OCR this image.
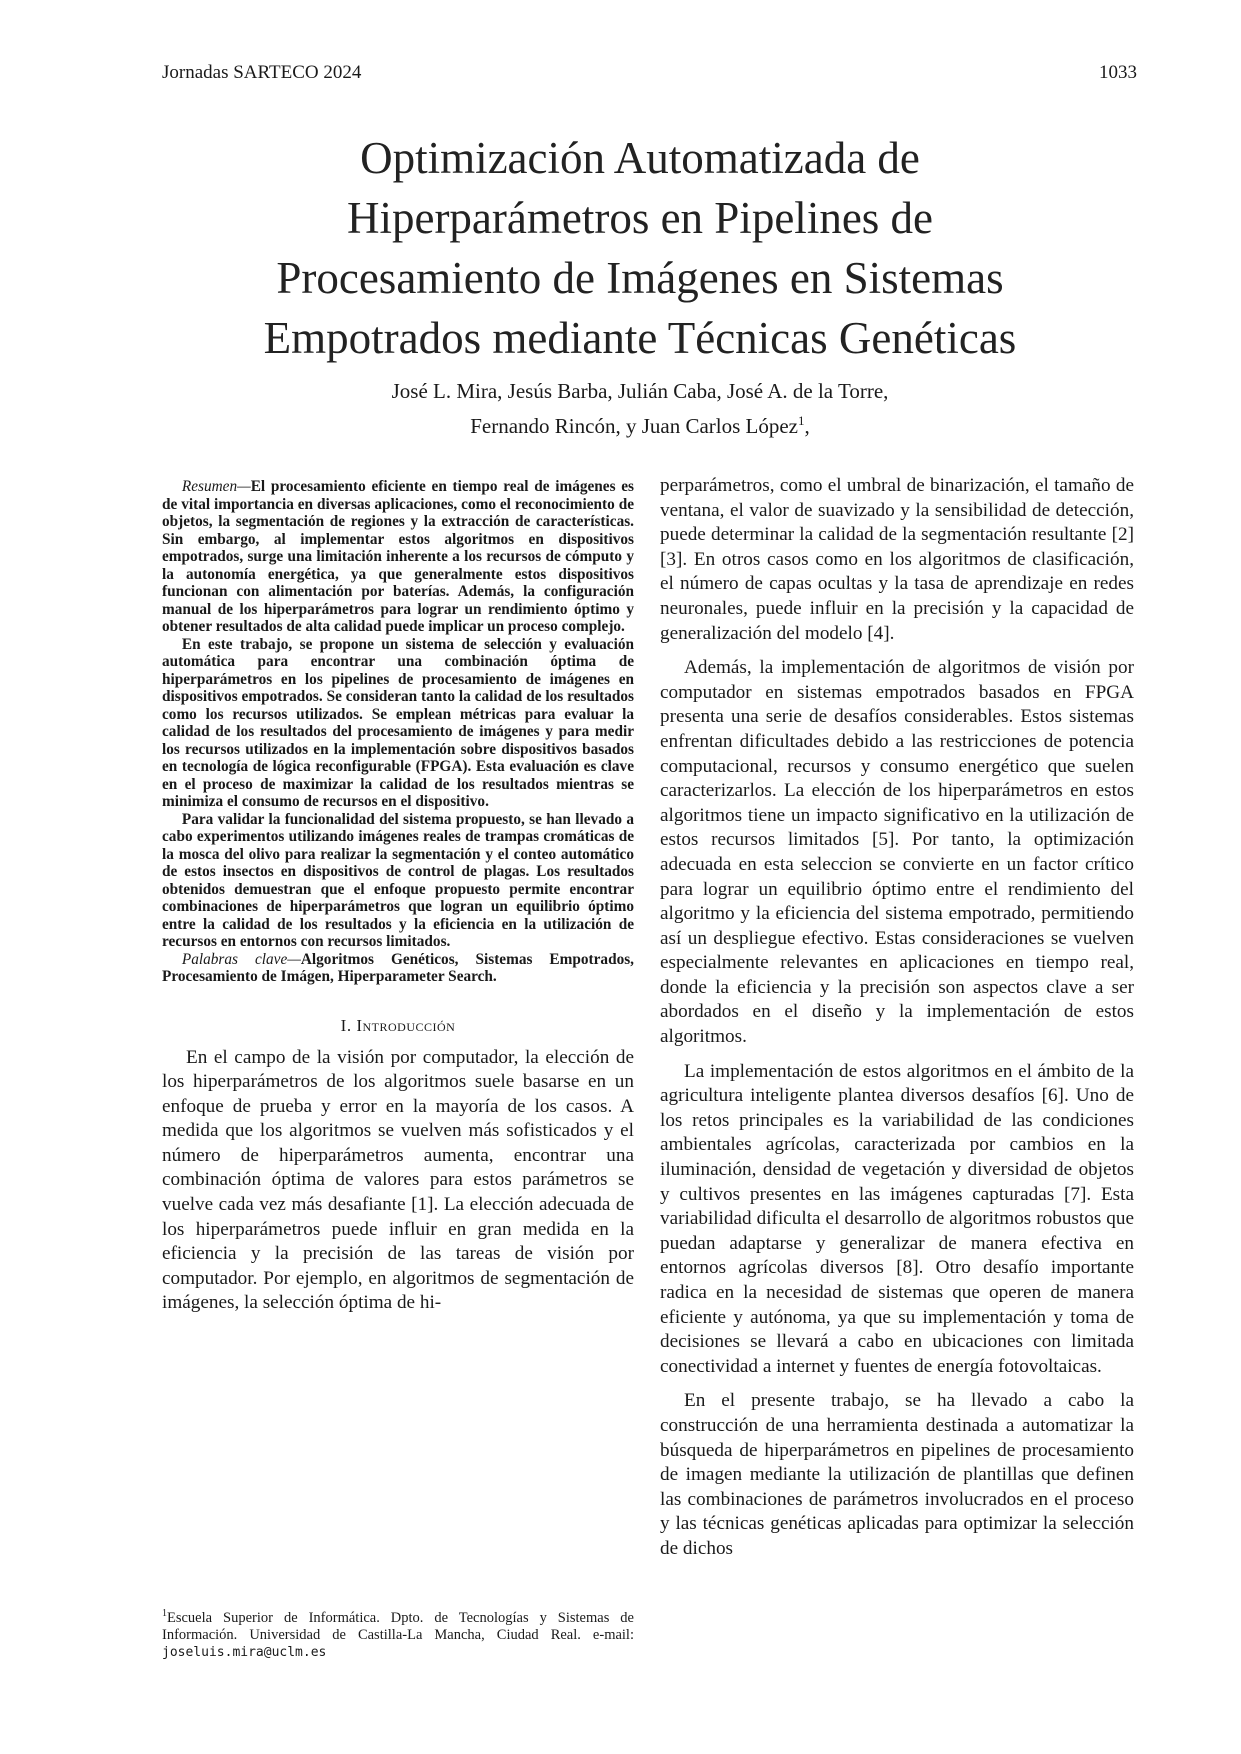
Jornadas SARTECO 2024	1033
Optimización Automatizada de
Hiperparámetros en Pipelines de
Procesamiento de Imágenes en Sistemas
Empotrados mediante Técnicas Genéticas
José L. Mira, Jesús Barba, Julián Caba, José A. de la Torre,
Fernando Rincón, y Juan Carlos López$^1$,

Resumen—El procesamiento eficiente en tiempo real de imágenes es de vital importancia en diversas aplicaciones, como el reconocimiento de objetos, la segmentación de regiones y la extracción de características. Sin embargo, al implementar estos algoritmos en dispositivos empotrados, surge una limitación inherente a los recursos de cómputo y la autonomía energética, ya que generalmente estos dispositivos funcionan con alimentación por baterías. Además, la configuración manual de los hiperparámetros para lograr un rendimiento óptimo y obtener resultados de alta calidad puede implicar un proceso complejo.

En este trabajo, se propone un sistema de selección y evaluación automática para encontrar una combinación óptima de hiperparámetros en los pipelines de procesamiento de imágenes en dispositivos empotrados. Se consideran tanto la calidad de los resultados como los recursos utilizados. Se emplean métricas para evaluar la calidad de los resultados del procesamiento de imágenes y para medir los recursos utilizados en la implementación sobre dispositivos basados en tecnología de lógica reconfigurable (FPGA). Esta evaluación es clave en el proceso de maximizar la calidad de los resultados mientras se minimiza el consumo de recursos en el dispositivo.

Para validar la funcionalidad del sistema propuesto, se han llevado a cabo experimentos utilizando imágenes reales de trampas cromáticas de la mosca del olivo para realizar la segmentación y el conteo automático de estos insectos en dispositivos de control de plagas. Los resultados obtenidos demuestran que el enfoque propuesto permite encontrar combinaciones de hiperparámetros que logran un equilibrio óptimo entre la calidad de los resultados y la eficiencia en la utilización de recursos en entornos con recursos limitados.

Palabras clave—Algoritmos Genéticos, Sistemas Empotrados, Procesamiento de Imágen, Hiperparameter Search.

I. Introducción

En el campo de la visión por computador, la elección de los hiperparámetros de los algoritmos suele basarse en un enfoque de prueba y error en la mayoría de los casos. A medida que los algoritmos se vuelven más sofisticados y el número de hiperparámetros aumenta, encontrar una combinación óptima de valores para estos parámetros se vuelve cada vez más desafiante [1]. La elección adecuada de los hiperparámetros puede influir en gran medida en la eficiencia y la precisión de las tareas de visión por computador. Por ejemplo, en algoritmos de segmentación de imágenes, la selección óptima de hi-

perparámetros, como el umbral de binarización, el tamaño de ventana, el valor de suavizado y la sensibilidad de detección, puede determinar la calidad de la segmentación resultante [2] [3]. En otros casos como en los algoritmos de clasificación, el número de capas ocultas y la tasa de aprendizaje en redes neuronales, puede influir en la precisión y la capacidad de generalización del modelo [4].

Además, la implementación de algoritmos de visión por computador en sistemas empotrados basados en FPGA presenta una serie de desafíos considerables. Estos sistemas enfrentan dificultades debido a las restricciones de potencia computacional, recursos y consumo energético que suelen caracterizarlos. La elección de los hiperparámetros en estos algoritmos tiene un impacto significativo en la utilización de estos recursos limitados [5]. Por tanto, la optimización adecuada en esta seleccion se convierte en un factor crítico para lograr un equilibrio óptimo entre el rendimiento del algoritmo y la eficiencia del sistema empotrado, permitiendo así un despliegue efectivo. Estas consideraciones se vuelven especialmente relevantes en aplicaciones en tiempo real, donde la eficiencia y la precisión son aspectos clave a ser abordados en el diseño y la implementación de estos algoritmos.

La implementación de estos algoritmos en el ámbito de la agricultura inteligente plantea diversos desafíos [6]. Uno de los retos principales es la variabilidad de las condiciones ambientales agrícolas, caracterizada por cambios en la iluminación, densidad de vegetación y diversidad de objetos y cultivos presentes en las imágenes capturadas [7]. Esta variabilidad dificulta el desarrollo de algoritmos robustos que puedan adaptarse y generalizar de manera efectiva en entornos agrícolas diversos [8]. Otro desafío importante radica en la necesidad de sistemas que operen de manera eficiente y autónoma, ya que su implementación y toma de decisiones se llevará a cabo en ubicaciones con limitada conectividad a internet y fuentes de energía fotovoltaicas.

En el presente trabajo, se ha llevado a cabo la construcción de una herramienta destinada a automatizar la búsqueda de hiperparámetros en pipelines de procesamiento de imagen mediante la utilización de plantillas que definen las combinaciones de parámetros involucrados en el proceso y las técnicas genéticas aplicadas para optimizar la selección de dichos

$^1$Escuela Superior de Informática. Dpto. de Tecnologías y Sistemas de Información. Universidad de Castilla-La Mancha, Ciudad Real. e-mail: joseluis.mira@uclm.es
